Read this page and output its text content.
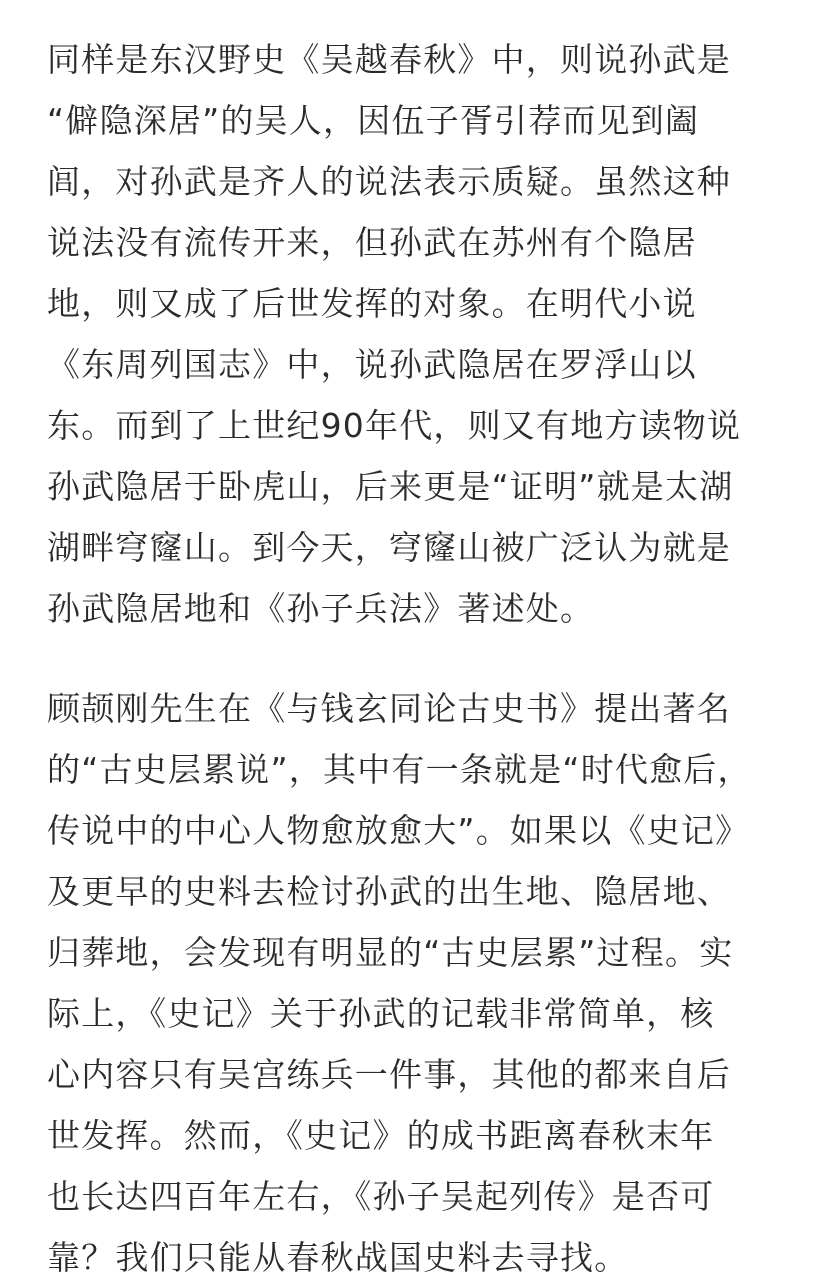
同样是东汉野史《吴越春秋》中，则说孙武是
“僻隐深居”的吴人，因伍子胥引荐而见到阖
闾，对孙武是齐人的说法表示质疑。虽然这种
说法没有流传开来，但孙武在苏州有个隐居
地，则又成了后世发挥的对象。在明代小说
《东周列国志》中，说孙武隐居在罗浮山以
东。而到了上世纪90年代，则又有地方读物说
孙武隐居于卧虎山，后来更是“证明”就是太湖
湖畔穹窿山。到今天，穹窿山被广泛认为就是
孙武隐居地和《孙子兵法》著述处。

顾颉刚先生在《与钱玄同论古史书》提出著名
的“古史层累说”，其中有一条就是“时代愈后，
传说中的中心人物愈放愈大”。如果以《史记》
及更早的史料去检讨孙武的出生地、隐居地、
归葬地，会发现有明显的“古史层累”过程。实
际上，《史记》关于孙武的记载非常简单，核
心内容只有吴宫练兵一件事，其他的都来自后
世发挥。然而，《史记》的成书距离春秋末年
也长达四百年左右，《孙子吴起列传》是否可
靠？我们只能从春秋战国史料去寻找。
